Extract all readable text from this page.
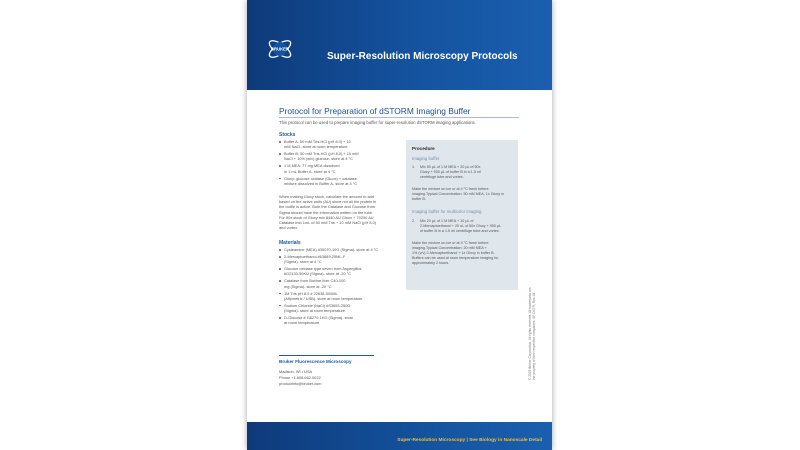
BRUKER
Super-Resolution Microscopy Protocols
Protocol for Preparation of dSTORM Imaging Buffer
This protocol can be used to prepare imaging buffer for super-resolution dSTORM imaging applications.
Stocks
Buffer A: 50 mM Tris-HCl (pH 8.0) + 10
mM NaCl- store at room temperature
Buffer B: 50 mM Tris-HCl (pH 8.0) + 10 mM
NaCl + 10% (w/v) glucose- store at 4 °C
1 M MEA: 77 mg MEA dissolved
in 1 mL Buffer A- store at 4 °C
Gloxy: glucose oxidase (Gluox) + catalase
mixture dissolved in Buffer A- store at 4 °C

When making Gloxy stock, calculate the amount to add
based on the active units (AU) since not all the protein in
the bottle is active. Both the Catalase and Glucose from
Sigma should have the information written on the tube.
For 50x stock of Gloxy mix 8440 AU Gluox + 70200 AU
Catalase into 1mL of 50 mM Tris + 10 mM NaCl (pH 8.0)
and vortex.

Materials
Cysteamine (MEA) #30070-10G (Sigma)- store at 4 °C
2-Mercaptoethanol #63689-25ML-F
(Sigma)- store at 4 °C
Glucose oxidase type seven from Aspergillus
#G2133-50KU (Sigma)- store at -20 °C
Catalase from Bovine liver C40-100
mg (Sigma)- store at -20 °C
1M Tris pH 8.0 # 22638-500ML
(Affymetrix / USB)- store at room temperature
Sodium Chloride (NaCl) #S3653-250G
(Sigma)- store at room temperature
D-Glucose # G8270-1KG (Sigma)- store
at room temperature
Procedure
Imaging buffer
1.	Mix 50 µL of 1 M MEA + 20 µL of 50x
Gloxy + 930 µL of buffer B in a 1.5 ml
centrifuge tube and vortex.

Make the mixture on ice or at 4 °C fresh before
imaging.Typical Concentration: 50 mM MEA, 1x Gloxy in
buffer B.

Imaging buffer for multicolor imaging
2.	Mix 20 µL of 1 M MEA + 10 µL of
2-Mercaptoethanol + 20 uL of 50x Gloxy + 950 µL
of buffer B in a 1.5 ml centrifuge tube and vortex.

Make the mixture on ice or at 4 °C fresh before
imaging.Typical Concentration: 20 mM MEA +
1% (v/v) 2-Mercaptoethanol + 1x Gloxy in buffer B.
Buffers can be used at room temperature imaging for
approximately 2 hours.

Bruker Fluorescence Microscopy
Madison, WI • USA
Phone +1.608.662.0022
productinfo@bruker.com
© 2023 Bruker Corporation. All rights reserved. All trademarks are
the property of their respective companies. SF-DSTR, Rev. A1
Super-Resolution Microscopy | See Biology in Nanoscale Detail
